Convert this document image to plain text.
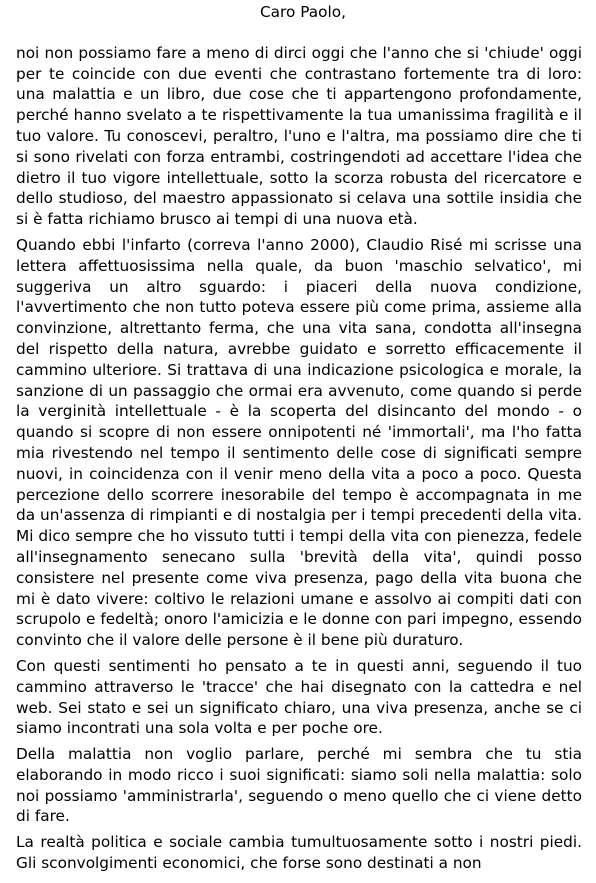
Caro Paolo,

noi non possiamo fare a meno di dirci oggi che l'anno che si 'chiude' oggi per te coincide con due eventi che contrastano fortemente tra di loro: una malattia e un libro, due cose che ti appartengono profondamente, perché hanno svelato a te rispettivamente la tua umanissima fragilità e il tuo valore. Tu conoscevi, peraltro, l'uno e l'altra, ma possiamo dire che ti si sono rivelati con forza entrambi, costringendoti ad accettare l'idea che dietro il tuo vigore intellettuale, sotto la scorza robusta del ricercatore e dello studioso, del maestro appassionato si celava una sottile insidia che si è fatta richiamo brusco ai tempi di una nuova età.

Quando ebbi l'infarto (correva l'anno 2000), Claudio Risé mi scrisse una lettera affettuosissima nella quale, da buon 'maschio selvatico', mi suggeriva un altro sguardo: i piaceri della nuova condizione, l'avvertimento che non tutto poteva essere più come prima, assieme alla convinzione, altrettanto ferma, che una vita sana, condotta all'insegna del rispetto della natura, avrebbe guidato e sorretto efficacemente il cammino ulteriore. Si trattava di una indicazione psicologica e morale, la sanzione di un passaggio che ormai era avvenuto, come quando si perde la verginità intellettuale - è la scoperta del disincanto del mondo - o quando si scopre di non essere onnipotenti né 'immortali', ma l'ho fatta mia rivestendo nel tempo il sentimento delle cose di significati sempre nuovi, in coincidenza con il venir meno della vita a poco a poco. Questa percezione dello scorrere inesorabile del tempo è accompagnata in me da un'assenza di rimpianti e di nostalgia per i tempi precedenti della vita. Mi dico sempre che ho vissuto tutti i tempi della vita con pienezza, fedele all'insegnamento senecano sulla 'brevità della vita', quindi posso consistere nel presente come viva presenza, pago della vita buona che mi è dato vivere: coltivo le relazioni umane e assolvo ai compiti dati con scrupolo e fedeltà; onoro l'amicizia e le donne con pari impegno, essendo convinto che il valore delle persone è il bene più duraturo.

Con questi sentimenti ho pensato a te in questi anni, seguendo il tuo cammino attraverso le 'tracce' che hai disegnato con la cattedra e nel web. Sei stato e sei un significato chiaro, una viva presenza, anche se ci siamo incontrati una sola volta e per poche ore.

Della malattia non voglio parlare, perché mi sembra che tu stia elaborando in modo ricco i suoi significati: siamo soli nella malattia: solo noi possiamo 'amministrarla', seguendo o meno quello che ci viene detto di fare.

La realtà politica e sociale cambia tumultuosamente sotto i nostri piedi. Gli sconvolgimenti economici, che forse sono destinati a non
